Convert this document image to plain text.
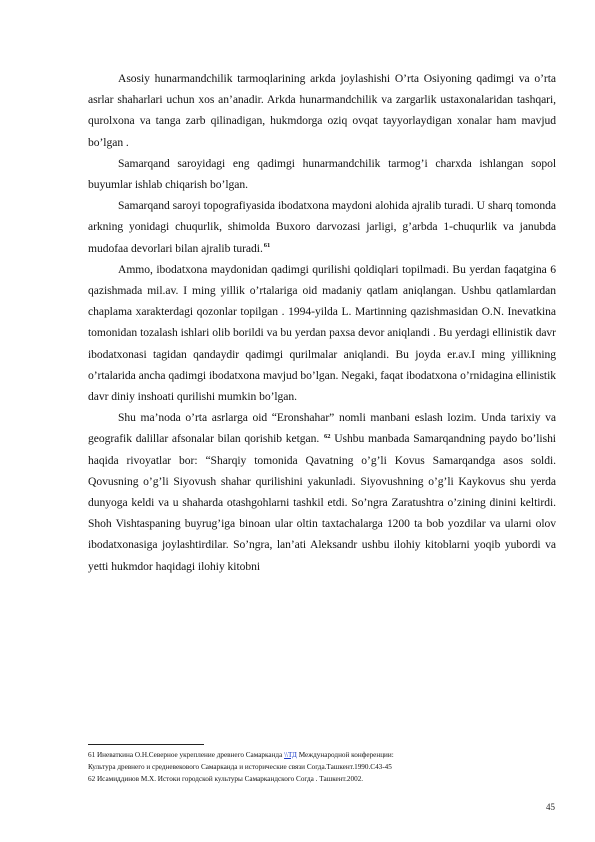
Asosiy hunarmandchilik tarmoqlarining arkda joylashishi O’rta Osiyoning qadimgi va o’rta asrlar shaharlari uchun xos an’anadir. Arkda hunarmandchilik va zargarlik ustaxonalaridan tashqari, qurolxona va tanga zarb qilinadigan, hukmdorga oziq ovqat tayyorlaydigan xonalar ham mavjud bo’lgan .

Samarqand saroyidagi eng qadimgi hunarmandchilik tarmog’i charxda ishlangan sopol buyumlar ishlab chiqarish bo’lgan.

Samarqand saroyi topografiyasida ibodatxona maydoni alohida ajralib turadi. U sharq tomonda arkning yonidagi chuqurlik, shimolda Buxoro darvozasi jarligi, g’arbda 1-chuqurlik va janubda mudofaa devorlari bilan ajralib turadi.$^{61}$

Ammo, ibodatxona maydonidan qadimgi qurilishi qoldiqlari topilmadi. Bu yerdan faqatgina 6 qazishmada mil.av. I ming yillik o’rtalariga oid madaniy qatlam aniqlangan. Ushbu qatlamlardan chaplama xarakterdagi qozonlar topilgan . 1994-yilda L. Martinning qazishmasidan O.N. Inevatkina tomonidan tozalash ishlari olib borildi va bu yerdan paxsa devor aniqlandi . Bu yerdagi ellinistik davr ibodatxonasi tagidan qandaydir qadimgi qurilmalar aniqlandi. Bu joyda er.av.I ming yillikning o’rtalarida ancha qadimgi ibodatxona mavjud bo’lgan. Negaki, faqat ibodatxona o’rnidagina ellinistik davr diniy inshoati qurilishi mumkin bo’lgan.

Shu ma’noda o’rta asrlarga oid “Eronshahar” nomli manbani eslash lozim. Unda tarixiy va geografik dalillar afsonalar bilan qorishib ketgan. $^{62}$ Ushbu manbada Samarqandning paydo bo’lishi haqida rivoyatlar bor: “Sharqiy tomonida Qavatning o’g’li Kovus Samarqandga asos soldi. Qovusning o’g’li Siyovush shahar qurilishini yakunladi. Siyovushning o’g’li Kaykovus shu yerda dunyoga keldi va u shaharda otashgohlarni tashkil etdi. So’ngra Zaratushtra o’zining dinini keltirdi. Shoh Vishtaspaning buyrug’iga binoan ular oltin taxtachalarga 1200 ta bob yozdilar va ularni olov ibodatxonasiga joylashtirdilar. So’ngra, lan’ati Aleksandr ushbu ilohiy kitoblarni yoqib yubordi va yetti hukmdor haqidagi ilohiy kitobni

61 Иневаткина О.Н.Северное укрепление древнего Самарканда \\ТД Международной конференции:
Культура древнего и средневекового Самарканда и исторические связи Согда.Ташкент.1990.С43-45
62 Исамиддинов М.Х. Истоки городской культуры Самаркандского Согда . Ташкент.2002.
45
